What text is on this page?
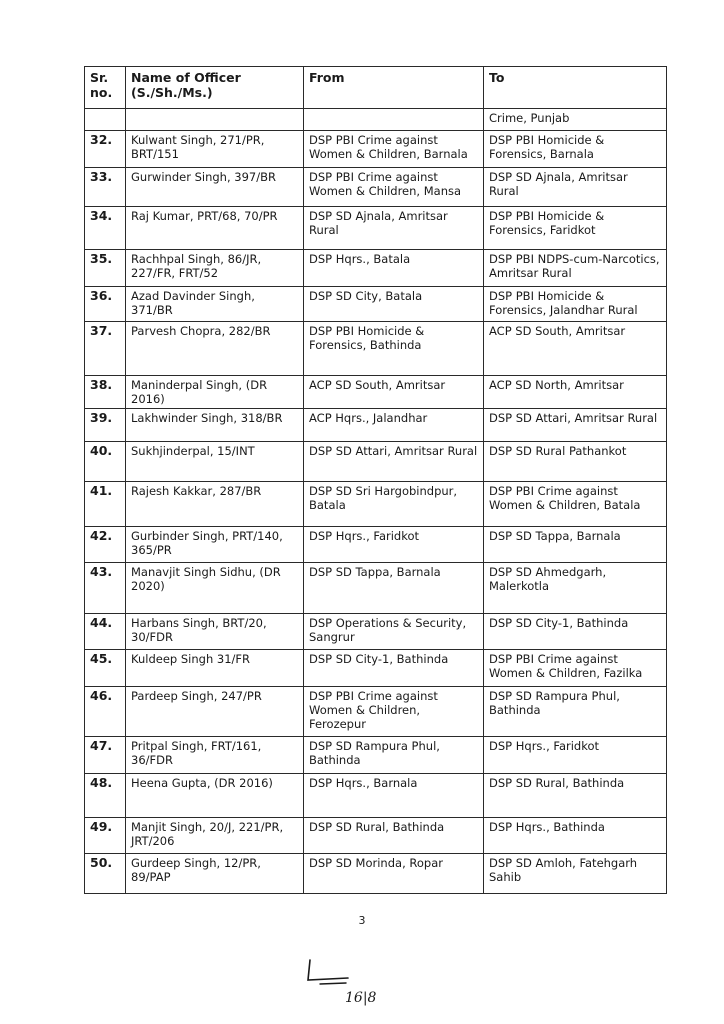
Sr. no.	Name of Officer (S./Sh./Ms.)	From	To
			Crime, Punjab
32.	Kulwant Singh, 271/PR, BRT/151	DSP PBI Crime against Women & Children, Barnala	DSP PBI Homicide & Forensics, Barnala
33.	Gurwinder Singh, 397/BR	DSP PBI Crime against Women & Children, Mansa	DSP SD Ajnala, Amritsar Rural
34.	Raj Kumar, PRT/68, 70/PR	DSP SD Ajnala, Amritsar Rural	DSP PBI Homicide & Forensics, Faridkot
35.	Rachhpal Singh, 86/JR, 227/FR, FRT/52	DSP Hqrs., Batala	DSP PBI NDPS-cum-Narcotics, Amritsar Rural
36.	Azad Davinder Singh, 371/BR	DSP SD City, Batala	DSP PBI Homicide & Forensics, Jalandhar Rural
37.	Parvesh Chopra, 282/BR	DSP PBI Homicide & Forensics, Bathinda	ACP SD South, Amritsar
38.	Maninderpal Singh, (DR 2016)	ACP SD South, Amritsar	ACP SD North, Amritsar
39.	Lakhwinder Singh, 318/BR	ACP Hqrs., Jalandhar	DSP SD Attari, Amritsar Rural
40.	Sukhjinderpal, 15/INT	DSP SD Attari, Amritsar Rural	DSP SD Rural Pathankot
41.	Rajesh Kakkar, 287/BR	DSP SD Sri Hargobindpur, Batala	DSP PBI Crime against Women & Children, Batala
42.	Gurbinder Singh, PRT/140, 365/PR	DSP Hqrs., Faridkot	DSP SD Tappa, Barnala
43.	Manavjit Singh Sidhu, (DR 2020)	DSP SD Tappa, Barnala	DSP SD Ahmedgarh, Malerkotla
44.	Harbans Singh, BRT/20, 30/FDR	DSP Operations & Security, Sangrur	DSP SD City-1, Bathinda
45.	Kuldeep Singh 31/FR	DSP SD City-1, Bathinda	DSP PBI Crime against Women & Children, Fazilka
46.	Pardeep Singh, 247/PR	DSP PBI Crime against Women & Children, Ferozepur	DSP SD Rampura Phul, Bathinda
47.	Pritpal Singh, FRT/161, 36/FDR	DSP SD Rampura Phul, Bathinda	DSP Hqrs., Faridkot
48.	Heena Gupta, (DR 2016)	DSP Hqrs., Barnala	DSP SD Rural, Bathinda
49.	Manjit Singh, 20/J, 221/PR, JRT/206	DSP SD Rural, Bathinda	DSP Hqrs., Bathinda
50.	Gurdeep Singh, 12/PR, 89/PAP	DSP SD Morinda, Ropar	DSP SD Amloh, Fatehgarh Sahib
3
16|8
